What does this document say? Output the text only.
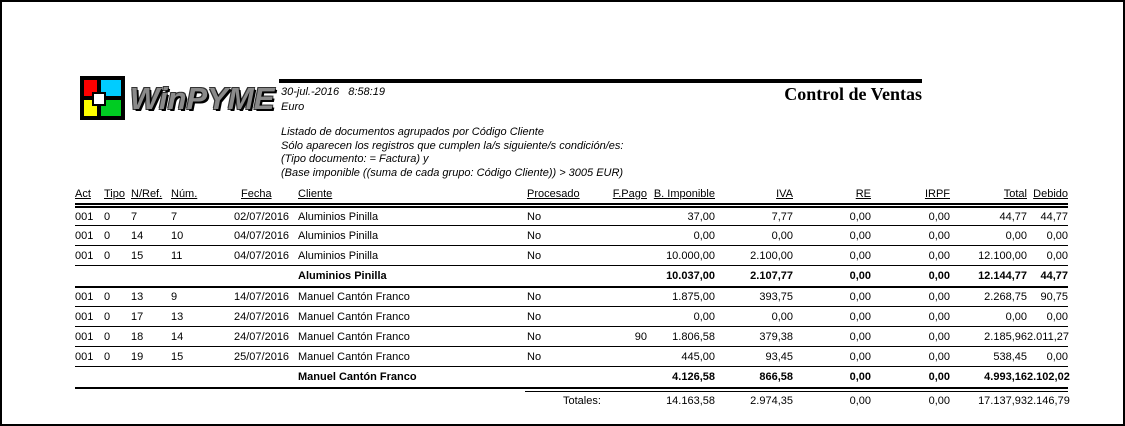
WinPYME 30-jul.-2016   8:58:19
Euro
Control de Ventas
Listado de documentos agrupados por Código Cliente
Sólo aparecen los registros que cumplen la/s siguiente/s condición/es:
(Tipo documento: = Factura) y
(Base imponible ((suma de cada grupo: Código Cliente)) > 3005 EUR)
Act	Tipo	N/Ref.	Núm.	Fecha	Cliente	Procesado	F.Pago	B. Imponible	IVA	RE	IRPF	Total	Debido
001	0	7	7	02/07/2016	Aluminios Pinilla	No		37,00	7,77	0,00	0,00	44,77	44,77
001	0	14	10	04/07/2016	Aluminios Pinilla	No		0,00	0,00	0,00	0,00	0,00	0,00
001	0	15	11	04/07/2016	Aluminios Pinilla	No		10.000,00	2.100,00	0,00	0,00	12.100,00	0,00
					Aluminios Pinilla			10.037,00	2.107,77	0,00	0,00	12.144,77	44,77
001	0	13	9	14/07/2016	Manuel Cantón Franco	No		1.875,00	393,75	0,00	0,00	2.268,75	90,75
001	0	17	13	24/07/2016	Manuel Cantón Franco	No		0,00	0,00	0,00	0,00	0,00	0,00
001	0	18	14	24/07/2016	Manuel Cantón Franco	No	90	1.806,58	379,38	0,00	0,00	2.185,96	2.011,27
001	0	19	15	25/07/2016	Manuel Cantón Franco	No		445,00	93,45	0,00	0,00	538,45	0,00
					Manuel Cantón Franco			4.126,58	866,58	0,00	0,00	4.993,16	2.102,02

						Totales:		14.163,58	2.974,35	0,00	0,00	17.137,93	2.146,79
